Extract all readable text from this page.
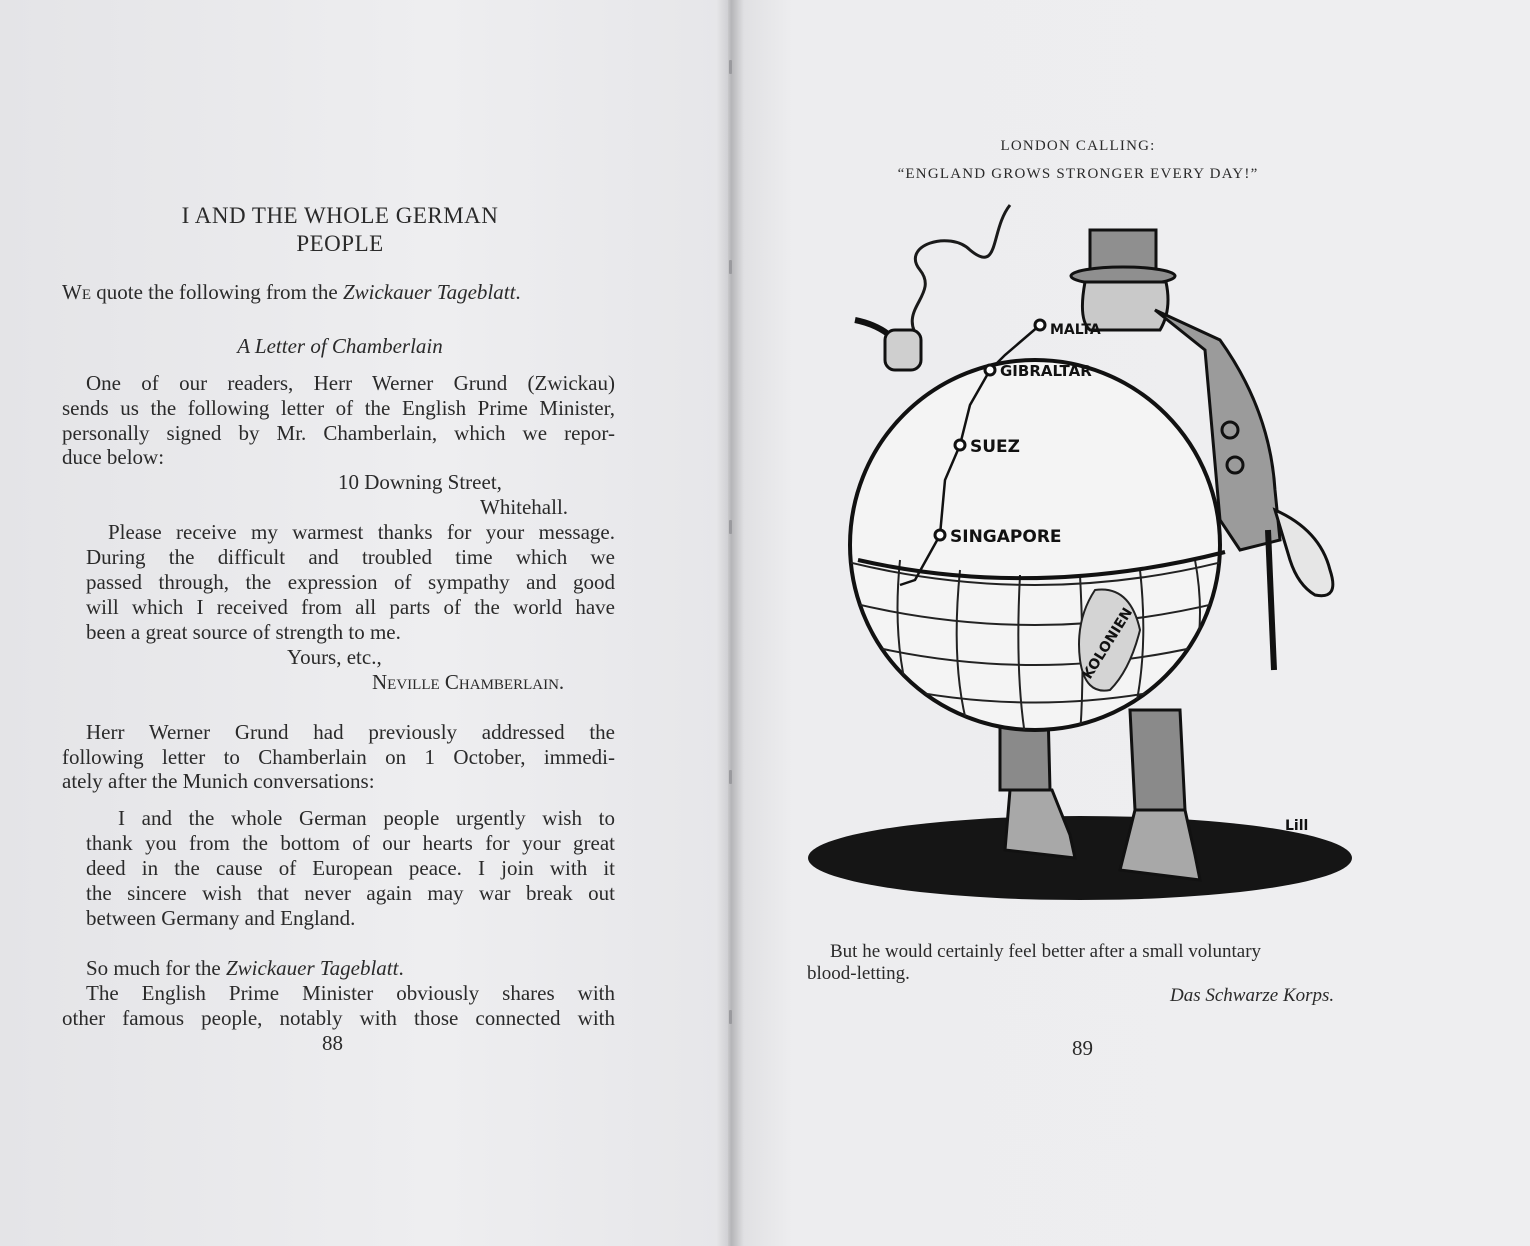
I AND THE WHOLE GERMAN
PEOPLE
We quote the following from the Zwickauer Tageblatt.
A Letter of Chamberlain
One of our readers, Herr Werner Grund (Zwickau)
sends us the following letter of the English Prime Minister,
personally signed by Mr. Chamberlain, which we repor-
duce below:
10 Downing Street,
Whitehall.
Please receive my warmest thanks for your message.
During the difficult and troubled time which we
passed through, the expression of sympathy and good
will which I received from all parts of the world have
been a great source of strength to me.
Yours, etc.,
Neville Chamberlain.
Herr Werner Grund had previously addressed the
following letter to Chamberlain on 1 October, immedi-
ately after the Munich conversations:
I and the whole German people urgently wish to
thank you from the bottom of our hearts for your great
deed in the cause of European peace. I join with it
the sincere wish that never again may war break out
between Germany and England.
So much for the Zwickauer Tageblatt.
The English Prime Minister obviously shares with
other famous people, notably with those connected with
88
LONDON CALLING:
“ENGLAND GROWS STRONGER EVERY DAY!”
MALTA
GIBRALTAR
SUEZ
SINGAPORE
KOLONIEN
Lill
But he would certainly feel better after a small voluntary
blood-letting.
Das Schwarze Korps.
89
